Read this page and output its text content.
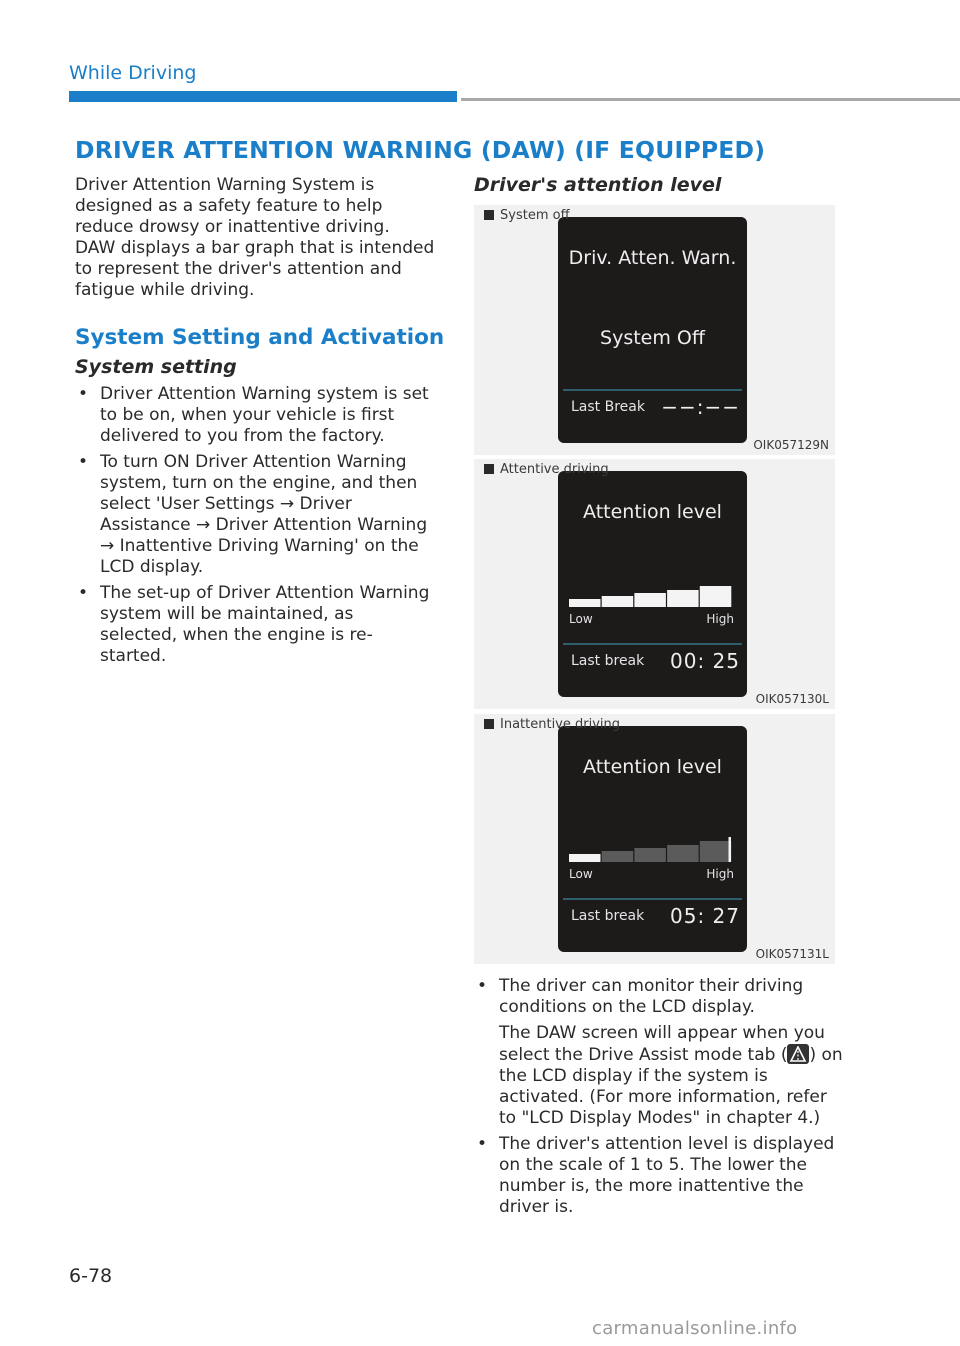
While Driving
DRIVER ATTENTION WARNING (DAW) (IF EQUIPPED)

Driver Attention Warning System is designed as a safety feature to help reduce drowsy or inattentive driving. DAW displays a bar graph that is intended to represent the driver's attention and fatigue while driving.

System Setting and Activation
System setting
• Driver Attention Warning system is set to be on, when your vehicle is first delivered to you from the factory.
• To turn ON Driver Attention Warning system, turn on the engine, and then select 'User Settings → Driver Assistance → Driver Attention Warning → Inattentive Driving Warning' on the LCD display.
• The set-up of Driver Attention Warning system will be maintained, as selected, when the engine is re-started.
Driver's attention level
System off
Driv. Atten. Warn.
System Off
Last Break −−:−−
OIK057129N
Attentive driving
Attention level
Low	High
Last break 00: 25
OIK057130L
Inattentive driving
Attention level
Low	High
Last break 05: 27
OIK057131L
• The driver can monitor their driving conditions on the LCD display.
The DAW screen will appear when you select the Drive Assist mode tab ( ) on the LCD display if the system is activated. (For more information, refer to "LCD Display Modes" in chapter 4.)
• The driver's attention level is displayed on the scale of 1 to 5. The lower the number is, the more inattentive the driver is.
6-78
carmanualsonline.info
